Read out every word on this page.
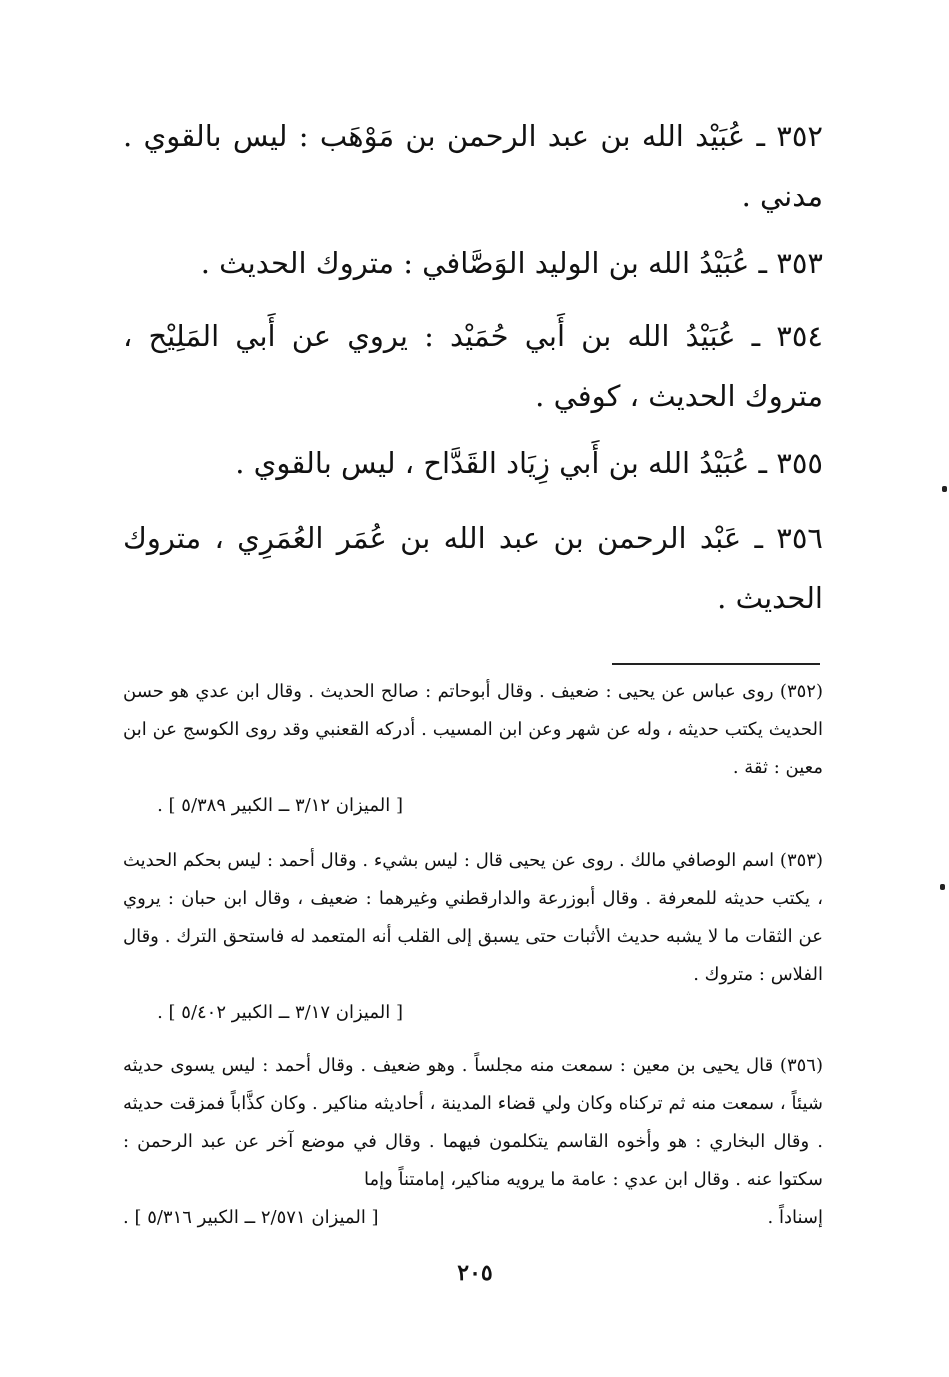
٣٥٢ ـ عُبَيْد الله بن عبد الرحمن بن مَوْهَب : ليس بالقوي . مدني .

٣٥٣ ـ عُبَيْدُ الله بن الوليد الوَصَّافي : متروك الحديث .

٣٥٤ ـ عُبَيْدُ الله بن أَبي حُمَيْد : يروي عن أَبي المَلِيْح ، متروك الحديث ، كوفي .

٣٥٥ ـ عُبَيْدُ الله بن أَبي زِيَاد القَدَّاح ، ليس بالقوي .

٣٥٦ ـ عَبْد الرحمن بن عبد الله بن عُمَر العُمَرِي ، متروك الحديث .

(٣٥٢) روى عباس عن يحيى : ضعيف . وقال أبوحاتم : صالح الحديث . وقال ابن عدي هو حسن الحديث يكتب حديثه ، وله عن شهر وعن ابن المسيب . أدركه القعنبي وقد روى الكوسج عن ابن معين : ثقة .
[ الميزان ٣/١٢ ــ الكبير ٥/٣٨٩ ] .
(٣٥٣) اسم الوصافي مالك . روى عن يحيى قال : ليس بشيء . وقال أحمد : ليس بحكم الحديث ، يكتب حديثه للمعرفة . وقال أبوزرعة والدارقطني وغيرهما : ضعيف ، وقال ابن حبان : يروي عن الثقات ما لا يشبه حديث الأثبات حتى يسبق إلى القلب أنه المتعمد له فاستحق الترك . وقال الفلاس : متروك .
[ الميزان ٣/١٧ ــ الكبير ٥/٤٠٢ ] .
(٣٥٦) قال يحيى بن معين : سمعت منه مجلساً . وهو ضعيف . وقال أحمد : ليس يسوى حديثه شيئاً ، سمعت منه ثم تركناه وكان ولي قضاء المدينة ، أحاديثه مناكير . وكان كذَّاباً فمزقت حديثه . وقال البخاري : هو وأخوه القاسم يتكلمون فيهما . وقال في موضع آخر عن عبد الرحمن : سكتوا عنه . وقال ابن عدي : عامة ما يرويه مناكير، إمامتناً وإما
إسناداً .
[ الميزان ٢/٥٧١ ــ الكبير ٥/٣١٦ ] .
٢٠٥
